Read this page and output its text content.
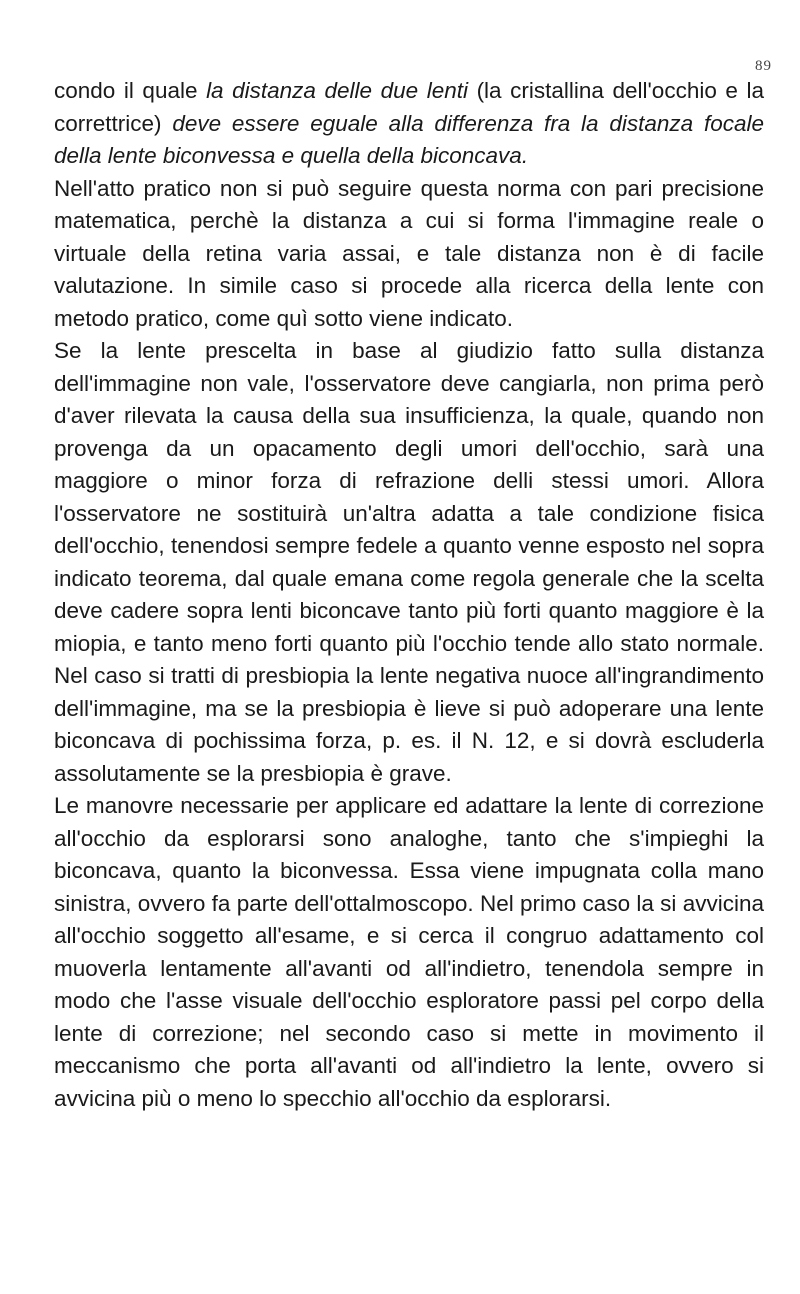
89

condo il quale la distanza delle due lenti (la cristallina dell'occhio e la correttrice) deve essere eguale alla differenza fra la distanza focale della lente biconvessa e quella della biconcava.

Nell'atto pratico non si può seguire questa norma con pari precisione matematica, perchè la distanza a cui si forma l'immagine reale o virtuale della retina varia assai, e tale distanza non è di facile valutazione. In simile caso si procede alla ricerca della lente con metodo pratico, come quì sotto viene indicato.

Se la lente prescelta in base al giudizio fatto sulla distanza dell'immagine non vale, l'osservatore deve cangiarla, non prima però d'aver rilevata la causa della sua insufficienza, la quale, quando non provenga da un opacamento degli umori dell'occhio, sarà una maggiore o minor forza di refrazione delli stessi umori. Allora l'osservatore ne sostituirà un'altra adatta a tale condizione fisica dell'occhio, tenendosi sempre fedele a quanto venne esposto nel sopra indicato teorema, dal quale emana come regola generale che la scelta deve cadere sopra lenti biconcave tanto più forti quanto maggiore è la miopia, e tanto meno forti quanto più l'occhio tende allo stato normale. Nel caso si tratti di presbiopia la lente negativa nuoce all'ingrandimento dell'immagine, ma se la presbiopia è lieve si può adoperare una lente biconcava di pochissima forza, p. es. il N. 12, e si dovrà escluderla assolutamente se la presbiopia è grave.

Le manovre necessarie per applicare ed adattare la lente di correzione all'occhio da esplorarsi sono analoghe, tanto che s'impieghi la biconcava, quanto la biconvessa. Essa viene impugnata colla mano sinistra, ovvero fa parte dell'ottalmoscopo. Nel primo caso la si avvicina all'occhio soggetto all'esame, e si cerca il congruo adattamento col muoverla lentamente all'avanti od all'indietro, tenendola sempre in modo che l'asse visuale dell'occhio esploratore passi pel corpo della lente di correzione; nel secondo caso si mette in movimento il meccanismo che porta all'avanti od all'indietro la lente, ovvero si avvicina più o meno lo specchio all'occhio da esplorarsi.
